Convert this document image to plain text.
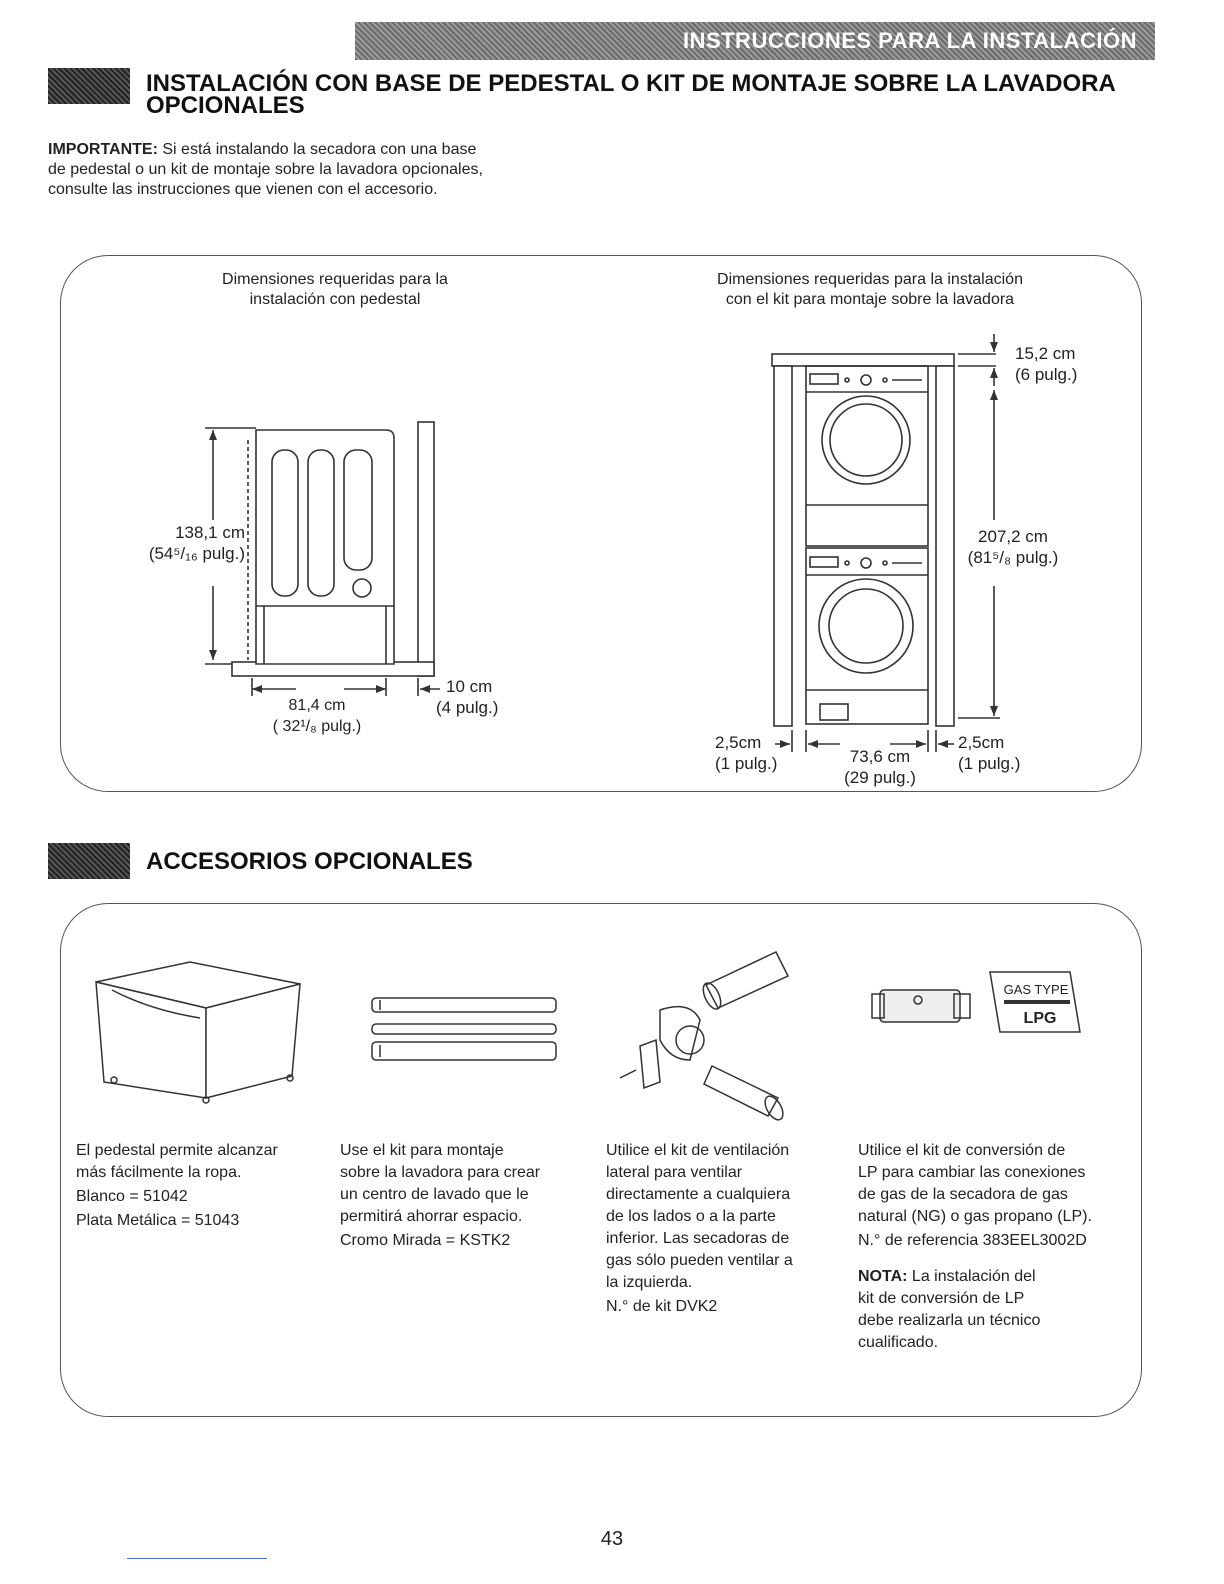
INSTRUCCIONES PARA LA INSTALACIÓN
INSTALACIÓN CON BASE DE PEDESTAL O KIT DE MONTAJE SOBRE LA LAVADORA
OPCIONALES
IMPORTANTE: Si está instalando la secadora con una base
de pedestal o un kit de montaje sobre la lavadora opcionales,
consulte las instrucciones que vienen con el accesorio.
Dimensiones requeridas para la
instalación con pedestal
Dimensiones requeridas para la instalación
con el kit para montaje sobre la lavadora
138,1 cm
(54⁵/₁₆ pulg.)
81,4 cm
( 32¹/₈ pulg.)
10 cm
(4 pulg.)
15,2 cm
(6 pulg.)
207,2 cm
(81⁵/₈ pulg.)
2,5cm
(1 pulg.)	73,6 cm
(29 pulg.)
2,5cm
(1 pulg.)
ACCESORIOS OPCIONALES
GAS TYPE
LPG

El pedestal permite alcanzar
más fácilmente la ropa.

Blanco = 51042

Plata Metálica = 51043

Use el kit para montaje
sobre la lavadora para crear
un centro de lavado que le
permitirá ahorrar espacio.

Cromo Mirada = KSTK2

Utilice el kit de ventilación
lateral para ventilar
directamente a cualquiera
de los lados o a la parte
inferior. Las secadoras de
gas sólo pueden ventilar a
la izquierda.

N.° de kit DVK2

Utilice el kit de conversión de
LP para cambiar las conexiones
de gas de la secadora de gas
natural (NG) o gas propano (LP).

N.° de referencia 383EEL3002D

NOTA: La instalación del
kit de conversión de LP
debe realizarla un técnico
cualificado.

43
